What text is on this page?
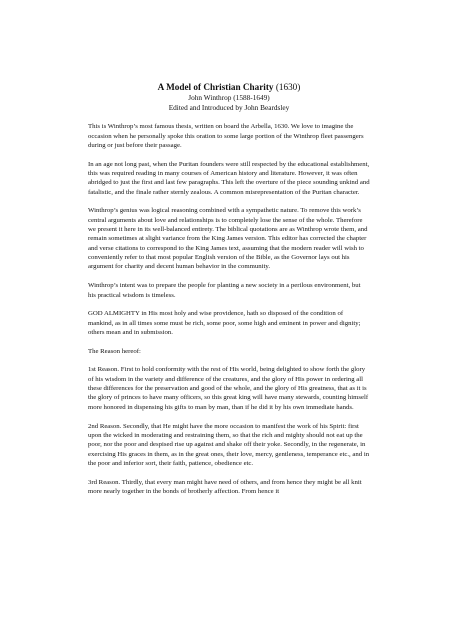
A Model of Christian Charity (1630)

John Winthrop (1588-1649)

Edited and Introduced by John Beardsley

This is Winthrop’s most famous thesis, written on board the Arbella, 1630. We love to imagine the occasion when he personally spoke this oration to some large portion of the Winthrop fleet passengers during or just before their passage.

In an age not long past, when the Puritan founders were still respected by the educational establishment, this was required reading in many courses of American history and literature. However, it was often abridged to just the first and last few paragraphs. This left the overture of the piece sounding unkind and fatalistic, and the finale rather sternly zealous. A common misrepresentation of the Puritan character.

Winthrop’s genius was logical reasoning combined with a sympathetic nature. To remove this work’s central arguments about love and relationships is to completely lose the sense of the whole. Therefore we present it here in its well-balanced entirety. The biblical quotations are as Winthrop wrote them, and remain sometimes at slight variance from the King James version. This editor has corrected the chapter and verse citations to correspond to the King James text, assuming that the modern reader will wish to conveniently refer to that most popular English version of the Bible, as the Governor lays out his argument for charity and decent human behavior in the community.

Winthrop’s intent was to prepare the people for planting a new society in a perilous environment, but his practical wisdom is timeless.

GOD ALMIGHTY in His most holy and wise providence, hath so disposed of the condition of mankind, as in all times some must be rich, some poor, some high and eminent in power and dignity; others mean and in submission.

The Reason hereof:

1st Reason. First to hold conformity with the rest of His world, being delighted to show forth the glory of his wisdom in the variety and difference of the creatures, and the glory of His power in ordering all these differences for the preservation and good of the whole, and the glory of His greatness, that as it is the glory of princes to have many officers, so this great king will have many stewards, counting himself more honored in dispensing his gifts to man by man, than if he did it by his own immediate hands.

2nd Reason. Secondly, that He might have the more occasion to manifest the work of his Spirit: first upon the wicked in moderating and restraining them, so that the rich and mighty should not eat up the poor, nor the poor and despised rise up against and shake off their yoke. Secondly, in the regenerate, in exercising His graces in them, as in the great ones, their love, mercy, gentleness, temperance etc., and in the poor and inferior sort, their faith, patience, obedience etc.

3rd Reason. Thirdly, that every man might have need of others, and from hence they might be all knit more nearly together in the bonds of brotherly affection. From hence it
